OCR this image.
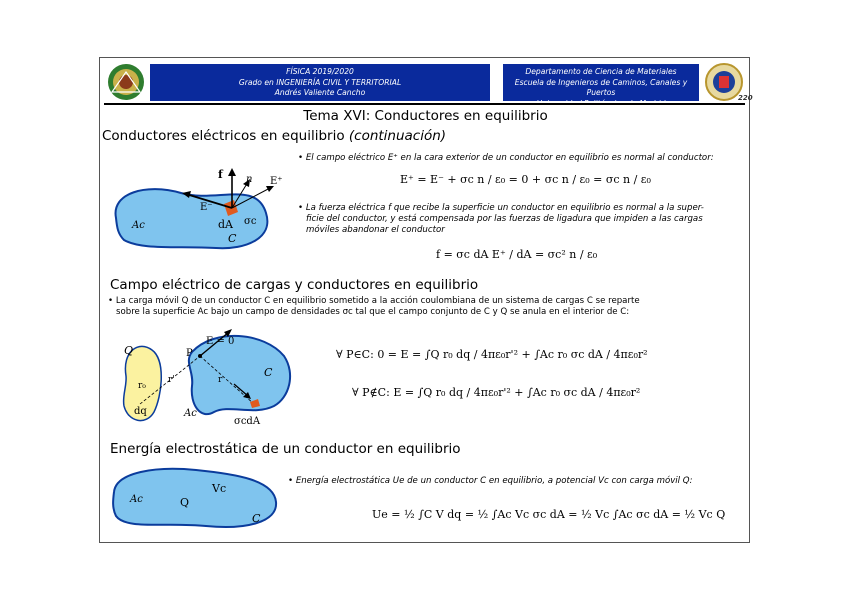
FÍSICA 2019/2020
Grado en INGENIERÍA CIVIL Y TERRITORIAL
Andrés Valiente Cancho
Departamento de Ciencia de Materiales
Escuela de Ingenieros de Caminos, Canales y Puertos
220
Tema XVI: Conductores en equilibrio
Conductores eléctricos en equilibrio (continuación)
f n E⁺
E⁻
dA σc
Ac
C
• El campo eléctrico E⁺ en la cara exterior de un conductor en equilibrio es normal al conductor:
E⁺ = E⁻ + σc n / ε₀ = 0 + σc n / ε₀ = σc n / ε₀
• La fuerza eléctrica f que recibe la superficie un conductor en equilibrio es normal a la super-
ficie del conductor, y está compensada por las fuerzas de ligadura que impiden a las cargas
móviles abandonar el conductor
f = σc dA E⁺ / dA = σc² n / ε₀
Campo eléctrico de cargas y conductores en equilibrio
• La carga móvil Q de un conductor C en equilibrio sometido a la acción coulombiana de un sistema de cargas C se reparte
sobre la superficie Ac bajo un campo de densidades σc tal que el campo conjunto de C y Q se anula en el interior de C:
Q
dq
r₀
r'
P
E = 0
r
Ac
C
σcdA
∀ P∈C: 0 = E = ∫Q r₀ dq / 4πε₀r'² + ∫Ac r₀ σc dA / 4πε₀r²
∀ P∉C: E = ∫Q r₀ dq / 4πε₀r'² + ∫Ac r₀ σc dA / 4πε₀r²
Energía electrostática de un conductor en equilibrio
Ac	Q
Vc
C
• Energía electrostática Ue de un conductor C en equilibrio, a potencial Vc con carga móvil Q:
Ue = ½ ∫C V dq = ½ ∫Ac Vc σc dA = ½ Vc ∫Ac σc dA = ½ Vc Q
